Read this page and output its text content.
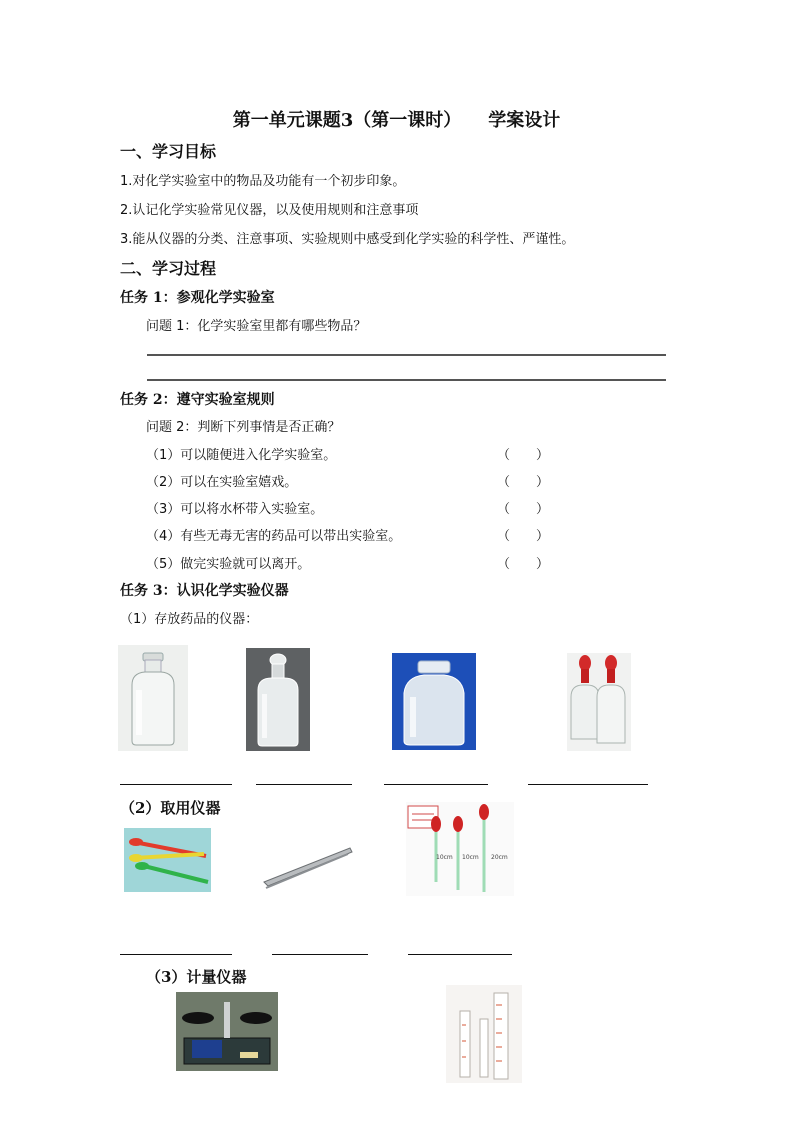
第一单元课题3（第一课时）　　学案设计
一、学习目标
1.对化学实验室中的物品及功能有一个初步印象。
2.认记化学实验常见仪器，以及使用规则和注意事项
3.能从仪器的分类、注意事项、实验规则中感受到化学实验的科学性、严谨性。
二、学习过程
任务 1：参观化学实验室
问题 1：化学实验室里都有哪些物品？
任务 2：遵守实验室规则
问题 2：判断下列事情是否正确？
（1）可以随便进入化学实验室。	（　　）
（2）可以在实验室嬉戏。	（　　）
（3）可以将水杯带入实验室。	（　　）
（4）有些无毒无害的药品可以带出实验室。	（　　）
（5）做完实验就可以离开。	（　　）
任务 3：认识化学实验仪器
（1）存放药品的仪器：
（2）取用仪器
10cm 10cm 20cm
（3）计量仪器
